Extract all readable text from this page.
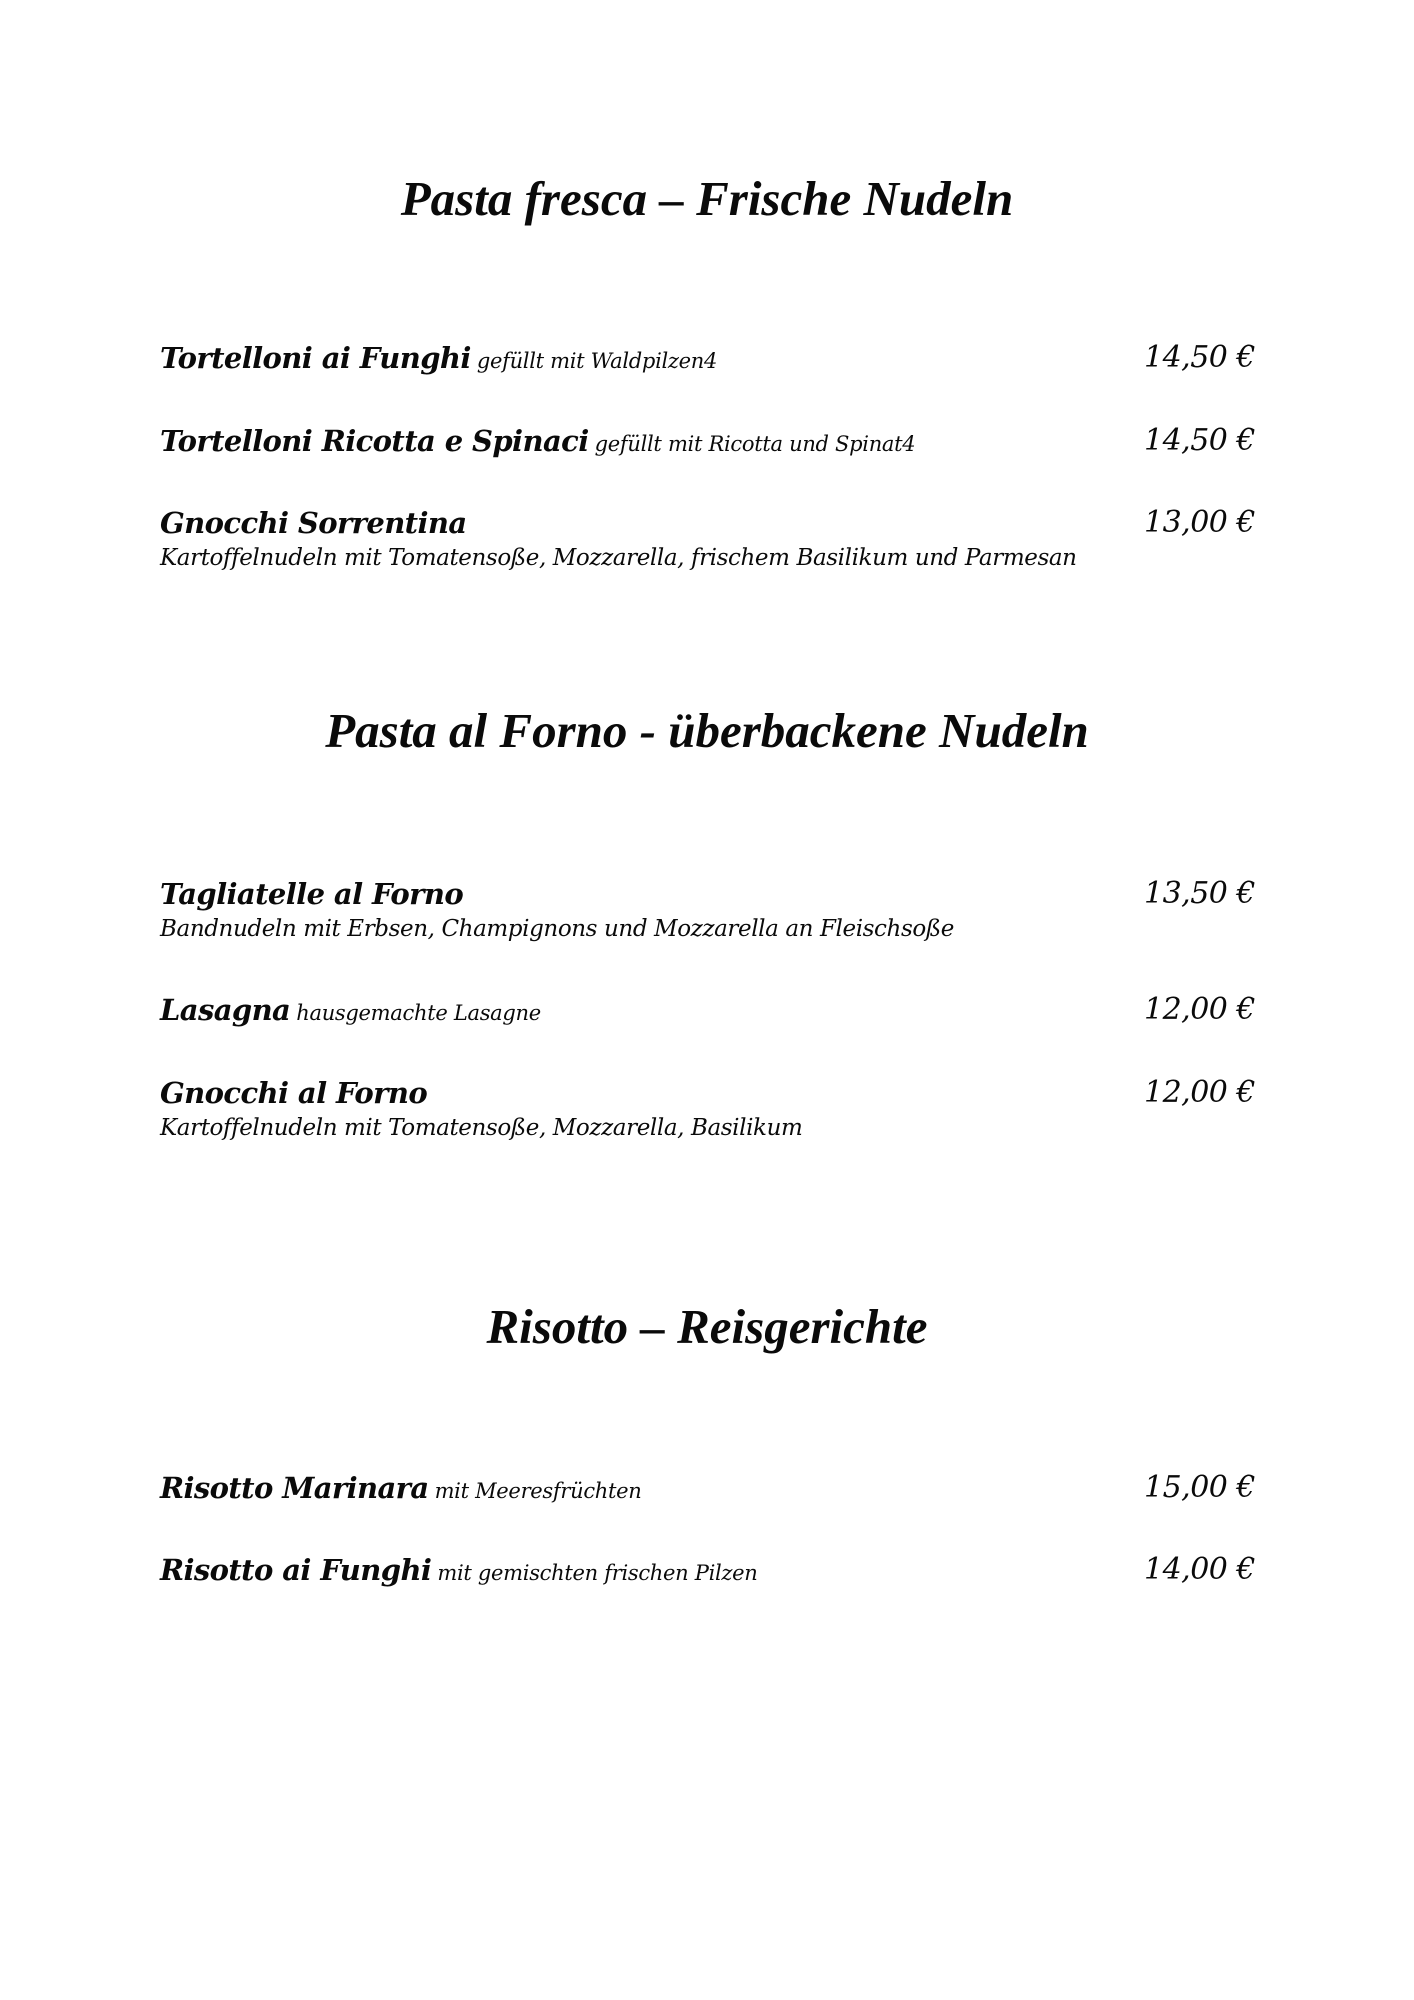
Pasta fresca – Frische Nudeln
Tortelloni ai Funghi gefüllt mit Waldpilzen4	14,50 €
Tortelloni Ricotta e Spinaci gefüllt mit Ricotta und Spinat4	14,50 €
Gnocchi Sorrentina	13,00 €
Kartoffelnudeln mit Tomatensoße, Mozzarella, frischem Basilikum und Parmesan
Pasta al Forno - überbackene Nudeln
Tagliatelle al Forno	13,50 €
Bandnudeln mit Erbsen, Champignons und Mozzarella an Fleischsoße
Lasagna hausgemachte Lasagne	12,00 €
Gnocchi al Forno	12,00 €
Kartoffelnudeln mit Tomatensoße, Mozzarella, Basilikum
Risotto – Reisgerichte
Risotto Marinara mit Meeresfrüchten	15,00 €
Risotto ai Funghi mit gemischten frischen Pilzen	14,00 €
